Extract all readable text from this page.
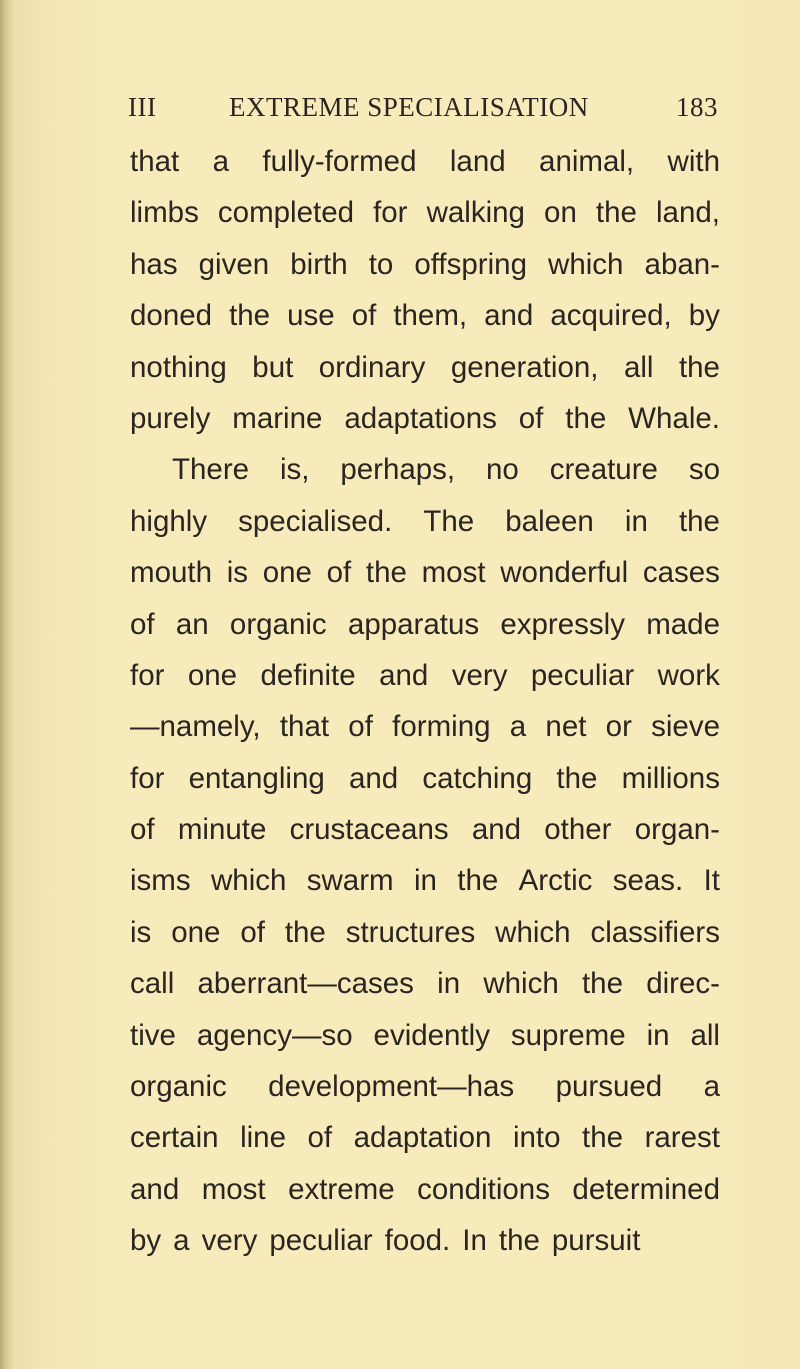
III	EXTREME SPECIALISATION	183
that a fully-formed land animal, with
limbs completed for walking on the land,
has given birth to offspring which aban-
doned the use of them, and acquired, by
nothing but ordinary generation, all the
purely marine adaptations of the Whale.
There is, perhaps, no creature so
highly specialised. The baleen in the
mouth is one of the most wonderful cases
of an organic apparatus expressly made
for one definite and very peculiar work
—namely, that of forming a net or sieve
for entangling and catching the millions
of minute crustaceans and other organ-
isms which swarm in the Arctic seas. It
is one of the structures which classifiers
call aberrant—cases in which the direc-
tive agency—so evidently supreme in all
organic development—has pursued a
certain line of adaptation into the rarest
and most extreme conditions determined
by a very peculiar food. In the pursuit
